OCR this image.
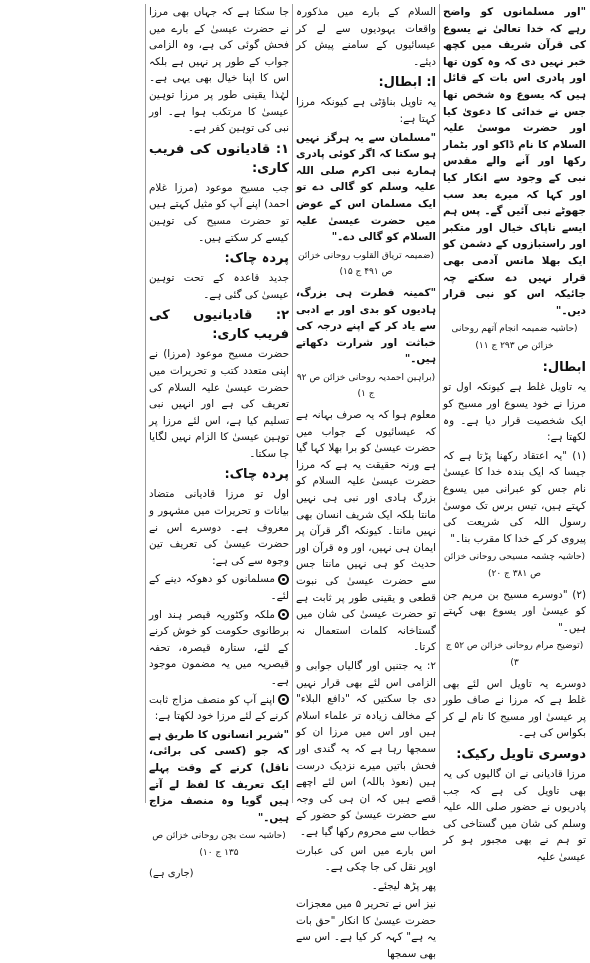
"اور مسلمانوں کو واضح رہے کہ خدا تعالیٰ نے یسوع کی قرآن شریف میں کچھ خبر نہیں دی کہ وہ کون تھا اور پادری اس بات کے قائل ہیں کہ یسوع وہ شخص تھا جس نے خدائی کا دعویٰ کیا اور حضرت موسیٰ علیہ السلام کا نام ڈاکو اور بٹمار رکھا اور آنے والے مقدس نبی کے وجود سے انکار کیا اور کہا کہ میرے بعد سب جھوٹے نبی آئیں گے۔ پس ہم ایسے ناپاک خیال اور متکبر اور راستبازوں کے دشمن کو ایک بھلا مانس آدمی بھی قرار نہیں دے سکتے چہ جائیکہ اس کو نبی قرار دیں۔"

(حاشیہ ضمیمہ انجام آتھم روحانی خزائن ص ۲۹۳ ج ۱۱)

ابطال:

یہ تاویل غلط ہے کیونکہ اول تو مرزا نے خود یسوع اور مسیح کو ایک شخصیت قرار دیا ہے۔ وہ لکھتا ہے:

(۱) "یہ اعتقاد رکھنا پڑتا ہے کہ جیسا کہ ایک بندہ خدا کا عیسیٰ نام جس کو عبرانی میں یسوع کہتے ہیں، تیس برس تک موسیٰ رسول اللہ کی شریعت کی پیروی کر کے خدا کا مقرب بنا۔"

(حاشیہ چشمہ مسیحی روحانی خزائن ص ۳۸۱ ج ۲۰)

(۲) "دوسرے مسیح بن مریم جن کو عیسیٰ اور یسوع بھی کہتے ہیں۔"

(توضیح مرام روحانی خزائن ص ۵۲ ج ۳)

دوسرے یہ تاویل اس لئے بھی غلط ہے کہ مرزا نے صاف طور پر عیسیٰ اور مسیح کا نام لے کر بکواس کی ہے۔

دوسری تاویل رکیک:

مرزا قادیانی نے ان گالیوں کی یہ بھی تاویل کی ہے کہ جب پادریوں نے حضور صلی اللہ علیہ وسلم کی شان میں گستاخی کی تو ہم نے بھی مجبور ہو کر عیسیٰ علیہ

السلام کے بارے میں مذکورہ واقعات یہودیوں سے لے کر عیسائیوں کے سامنے پیش کر دیئے۔

ا: ابطال:

یہ تاویل بناؤٹی ہے کیونکہ مرزا کہتا ہے:

"مسلمان سے یہ ہرگز نہیں ہو سکتا کہ اگر کوئی پادری ہمارے نبی اکرم صلی اللہ علیہ وسلم کو گالی دے تو ایک مسلمان اس کے عوض میں حضرت عیسیٰ علیہ السلام کو گالی دے۔"

(ضمیمہ تریاق القلوب روحانی خزائن ص ۴۹۱ ج ۱۵)

"کمینہ فطرت ہی بزرگ، ہادیوں کو بدی اور بے ادبی سے یاد کر کے اپنے درجہ کی خباثت اور شرارت دکھاتے ہیں۔"

(براہین احمدیہ روحانی خزائن ص ۹۲ ج ۱)

معلوم ہوا کہ یہ صرف بہانہ ہے کہ عیسائیوں کے جواب میں حضرت عیسیٰ کو برا بھلا کہا گیا ہے ورنہ حقیقت یہ ہے کہ مرزا حضرت عیسیٰ علیہ السلام کو بزرگ ہادی اور نبی ہی نہیں مانتا بلکہ ایک شریف انسان بھی نہیں مانتا۔ کیونکہ اگر قرآن پر ایمان ہی نہیں، اور وہ قرآن اور حدیث کو ہی نہیں مانتا جس سے حضرت عیسیٰ کی نبوت قطعی و یقینی طور پر ثابت ہے تو حضرت عیسیٰ کی شان میں گستاخانہ کلمات استعمال نہ کرتا۔

۲: یہ جتنیں اور گالیاں جوابی و الزامی اس لئے بھی قرار نہیں دی جا سکتیں کہ "دافع البلاء" کے مخالف زیادہ تر علماء اسلام ہیں اور اس میں مرزا ان کو سمجھا رہا ہے کہ یہ گندی اور فحش باتیں میرے نزدیک درست ہیں (نعوذ باللہ) اس لئے اچھے قصے ہیں کہ ان ہی کی وجہ سے حضرت عیسیٰ کو حضور کے خطاب سے محروم رکھا گیا ہے۔

اس بارے میں اس کی عبارت اوپر نقل کی جا چکی ہے۔

پھر پڑھ لیجئے۔

نیز اس نے تحریر ۵ میں معجزات حضرت عیسیٰ کا انکار "حق بات یہ ہے" کہہ کر کیا ہے۔ اس سے بھی سمجھا

جا سکتا ہے کہ جہاں بھی مرزا نے حضرت عیسیٰ کے بارے میں فحش گوئی کی ہے، وہ الزامی جواب کے طور پر نہیں ہے بلکہ اس کا اپنا خیال بھی یہی ہے۔ لہٰذا یقینی طور پر مرزا توہین عیسیٰ کا مرتکب ہوا ہے۔ اور نبی کی توہین کفر ہے۔

۱: قادیانوں کی فریب کاری:

جب مسیح موعود (مرزا غلام احمد) اپنے آپ کو مثیل کہتے ہیں تو حضرت مسیح کی توہین کیسے کر سکتے ہیں۔

پردہ چاک:

جدید قاعدہ کے تحت توہین عیسیٰ کی گئی ہے۔

۲: قادیانیوں کی فریب کاری:

حضرت مسیح موعود (مرزا) نے اپنی متعدد کتب و تحریرات میں حضرت عیسیٰ علیہ السلام کی تعریف کی ہے اور انہیں نبی تسلیم کیا ہے، اس لئے مرزا پر توہین عیسیٰ کا الزام نہیں لگایا جا سکتا۔

پردہ چاک:

اول تو مرزا قادیانی متضاد بیانات و تحریرات میں مشہور و معروف ہے۔ دوسرے اس نے حضرت عیسیٰ کی تعریف تین وجوہ سے کی ہے:

مسلمانوں کو دھوکہ دینے کے لئے۔

ملکہ وکٹوریہ قیصر ہند اور برطانوی حکومت کو خوش کرنے کے لئے، ستارہ قیصرہ، تحفہ قیصریہ میں یہ مضمون موجود ہے۔

اپنے آپ کو منصف مزاج ثابت کرنے کے لئے مرزا خود لکھتا ہے:

"شریر انسانوں کا طریق ہے کہ جو (کسی کی برائی، ناقل) کرنے کے وقت پہلے ایک تعریف کا لفظ لے آتے ہیں گویا وہ منصف مزاج ہیں۔"

(حاشیہ ست بچن روحانی خزائن ص ۱۳۵ ج ۱۰)

(جاری ہے)
